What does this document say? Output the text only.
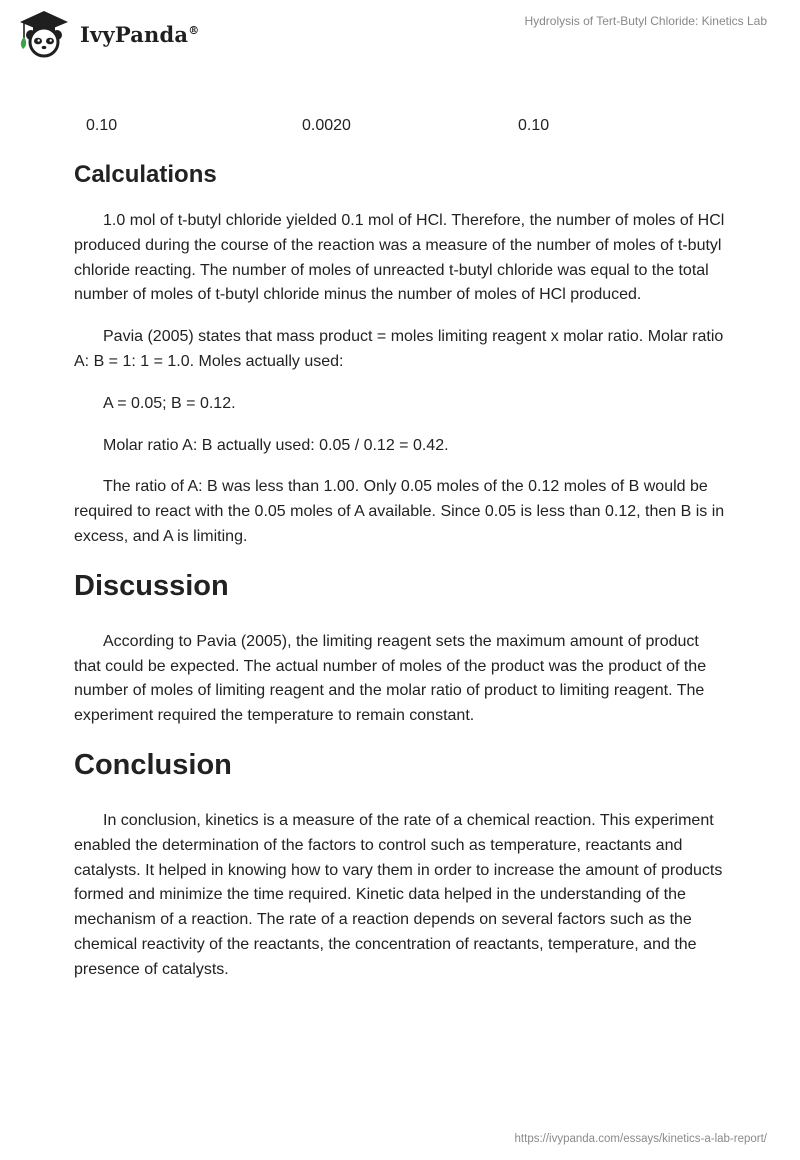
IvyPanda®
Hydrolysis of Tert-Butyl Chloride: Kinetics Lab
0.10	0.0020	0.10
Calculations

1.0 mol of t-butyl chloride yielded 0.1 mol of HCl. Therefore, the number of moles of HCl produced during the course of the reaction was a measure of the number of moles of t-butyl chloride reacting. The number of moles of unreacted t-butyl chloride was equal to the total number of moles of t-butyl chloride minus the number of moles of HCl produced.

Pavia (2005) states that mass product = moles limiting reagent x molar ratio. Molar ratio A: B = 1: 1 = 1.0. Moles actually used:

A = 0.05; B = 0.12.

Molar ratio A: B actually used: 0.05 / 0.12 = 0.42.

The ratio of A: B was less than 1.00. Only 0.05 moles of the 0.12 moles of B would be required to react with the 0.05 moles of A available. Since 0.05 is less than 0.12, then B is in excess, and A is limiting.

Discussion

According to Pavia (2005), the limiting reagent sets the maximum amount of product that could be expected. The actual number of moles of the product was the product of the number of moles of limiting reagent and the molar ratio of product to limiting reagent. The experiment required the temperature to remain constant.

Conclusion

In conclusion, kinetics is a measure of the rate of a chemical reaction. This experiment enabled the determination of the factors to control such as temperature, reactants and catalysts. It helped in knowing how to vary them in order to increase the amount of products formed and minimize the time required. Kinetic data helped in the understanding of the mechanism of a reaction. The rate of a reaction depends on several factors such as the chemical reactivity of the reactants, the concentration of reactants, temperature, and the presence of catalysts.

https://ivypanda.com/essays/kinetics-a-lab-report/
